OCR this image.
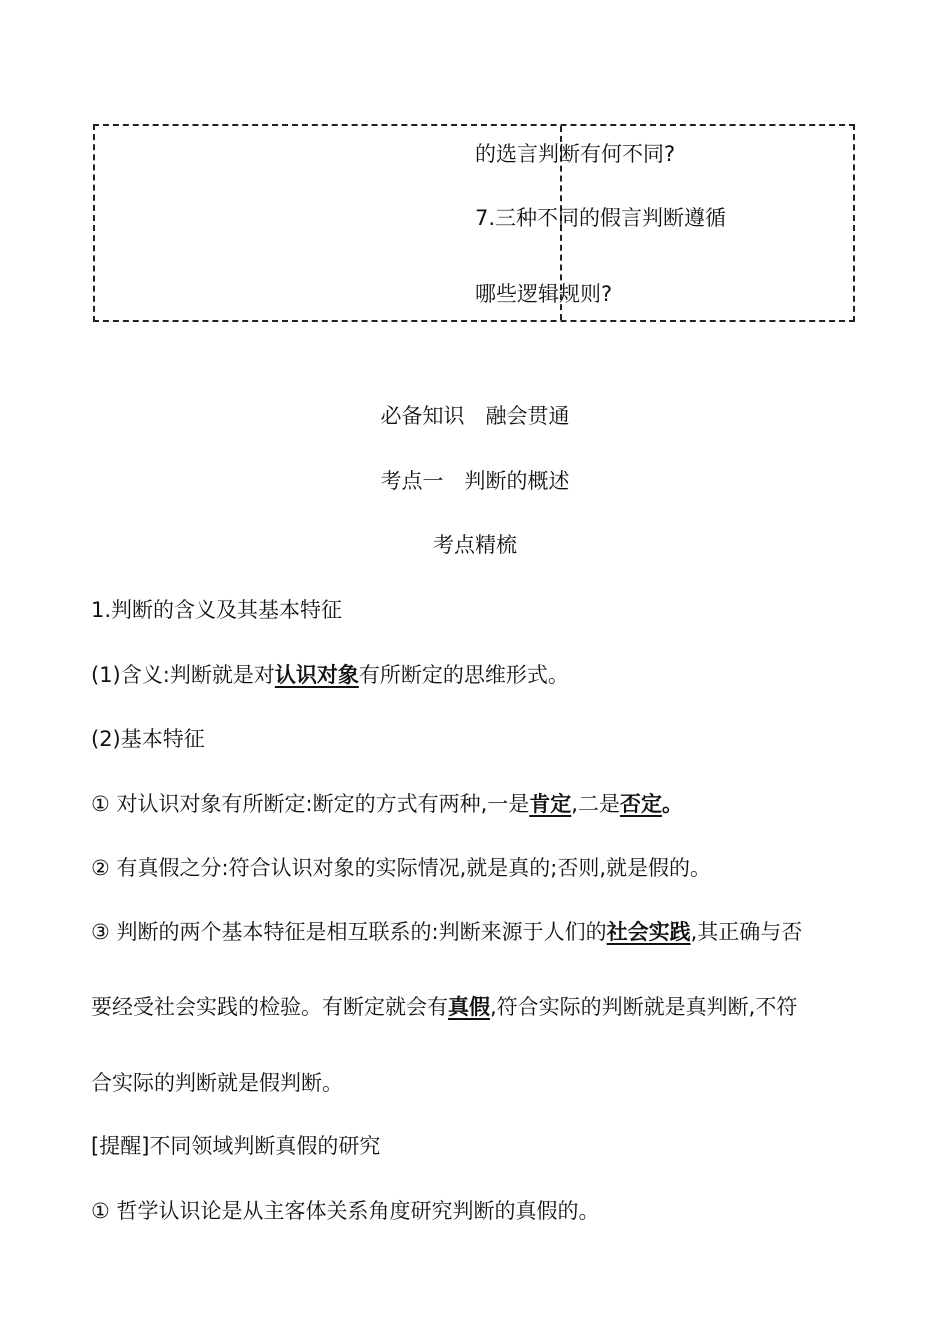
的选言判断有何不同?
7.三种不同的假言判断遵循
哪些逻辑规则?
必备知识　融会贯通
考点一　判断的概述
考点精梳
1.判断的含义及其基本特征
(1)含义:判断就是对认识对象有所断定的思维形式。
(2)基本特征
① 对认识对象有所断定:断定的方式有两种,一是肯定,二是否定。
② 有真假之分:符合认识对象的实际情况,就是真的;否则,就是假的。
③ 判断的两个基本特征是相互联系的:判断来源于人们的社会实践,其正确与否
要经受社会实践的检验。有断定就会有真假,符合实际的判断就是真判断,不符
合实际的判断就是假判断。
[提醒]不同领域判断真假的研究
① 哲学认识论是从主客体关系角度研究判断的真假的。
